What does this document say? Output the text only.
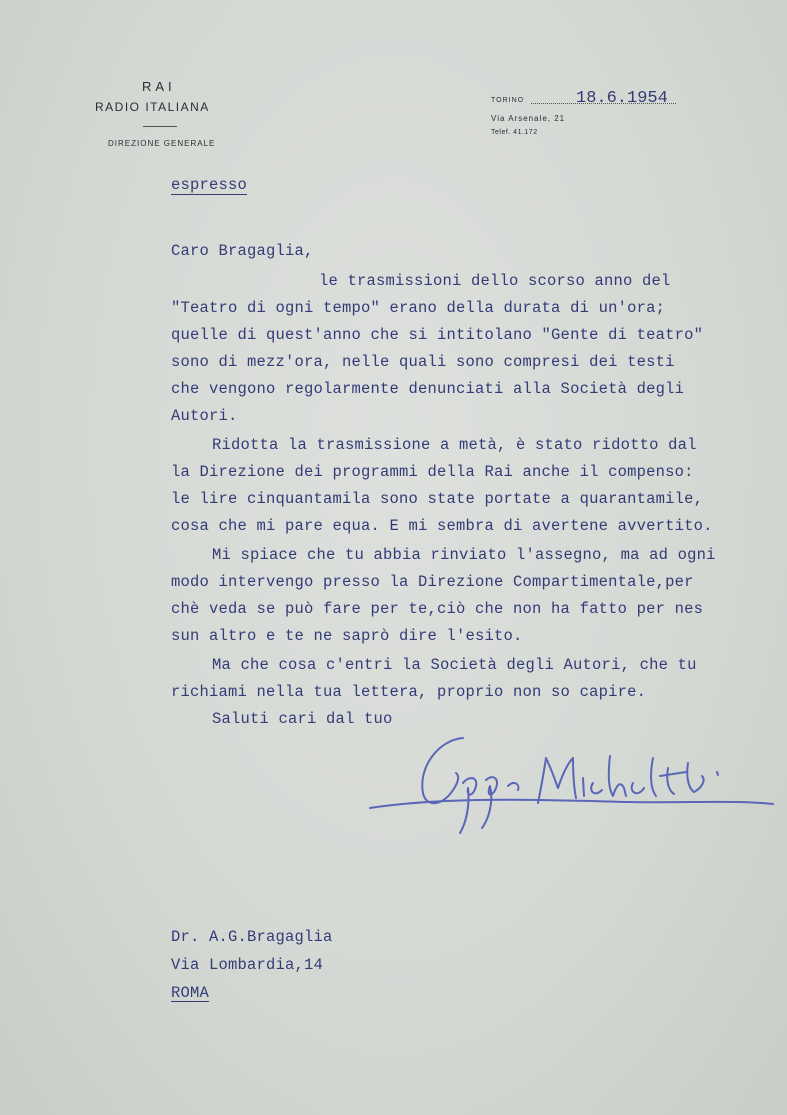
RAI
RADIO ITALIANA
DIREZIONE GENERALE
TORINO	18.6.1954
Via Arsenale, 21
Telef. 41.172
espresso
Caro Bragaglia,
le trasmissioni dello scorso anno del
"Teatro di ogni tempo" erano della durata di un'ora;
quelle di quest'anno che si intitolano "Gente di teatro"
sono di mezz'ora, nelle quali sono compresi dei testi
che vengono regolarmente denunciati alla Società degli
Autori.
Ridotta la trasmissione a metà, è stato ridotto dal
la Direzione dei programmi della Rai anche il compenso:
le lire cinquantamila sono state portate a quarantamile,
cosa che mi pare equa. E mi sembra di avertene avvertito.
Mi spiace che tu abbia rinviato l'assegno, ma ad ogni
modo intervengo presso la Direzione Compartimentale,per
chè veda se può fare per te,ciò che non ha fatto per nes
sun altro e te ne saprò dire l'esito.
Ma che cosa c'entri la Società degli Autori, che tu
richiami nella tua lettera, proprio non so capire.
Saluti cari dal tuo
Dr. A.G.Bragaglia
Via Lombardia,14
ROMA
